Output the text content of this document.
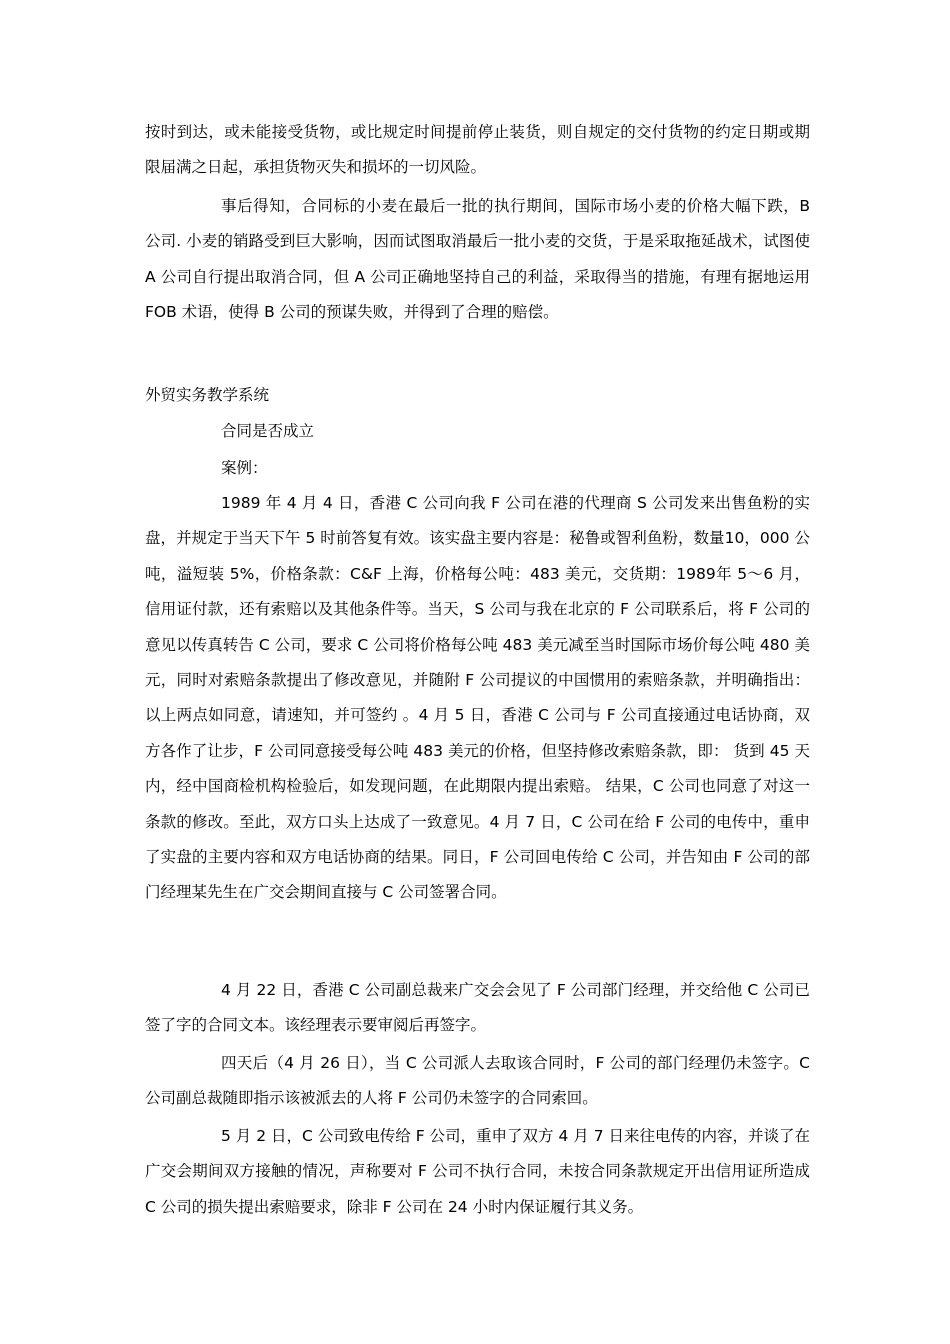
按时到达，或未能接受货物，或比规定时间提前停止装货，则自规定的交付货物的约定日期或期限届满之日起，承担货物灭失和损坏的一切风险。

事后得知，合同标的小麦在最后一批的执行期间，国际市场小麦的价格大幅下跌，B 公司. 小麦的销路受到巨大影响，因而试图取消最后一批小麦的交货，于是采取拖延战术，试图使 A 公司自行提出取消合同，但 A 公司正确地坚持自己的利益，采取得当的措施，有理有据地运用 FOB 术语，使得 B 公司的预谋失败，并得到了合理的赔偿。

外贸实务教学系统

合同是否成立

案例：

1989 年 4 月 4 日，香港 C 公司向我 F 公司在港的代理商 S 公司发来出售鱼粉的实盘，并规定于当天下午 5 时前答复有效。该实盘主要内容是：秘鲁或智利鱼粉，数量10，000 公吨，溢短装 5%，价格条款：C&F 上海，价格每公吨：483 美元，交货期：1989年 5～6 月，信用证付款，还有索赔以及其他条件等。当天，S 公司与我在北京的 F 公司联系后，将 F 公司的意见以传真转告 C 公司，要求 C 公司将价格每公吨 483 美元减至当时国际市场价每公吨 480 美元，同时对索赔条款提出了修改意见，并随附 F 公司提议的中国惯用的索赔条款，并明确指出： 以上两点如同意，请速知，并可签约 。4 月 5 日，香港 C 公司与 F 公司直接通过电话协商，双方各作了让步，F 公司同意接受每公吨 483 美元的价格，但坚持修改索赔条款，即： 货到 45 天内，经中国商检机构检验后，如发现问题，在此期限内提出索赔。 结果，C 公司也同意了对这一条款的修改。至此，双方口头上达成了一致意见。4 月 7 日，C 公司在给 F 公司的电传中，重申了实盘的主要内容和双方电话协商的结果。同日，F 公司回电传给 C 公司，并告知由 F 公司的部门经理某先生在广交会期间直接与 C 公司签署合同。

4 月 22 日，香港 C 公司副总裁来广交会会见了 F 公司部门经理，并交给他 C 公司已签了字的合同文本。该经理表示要审阅后再签字。

四天后（4 月 26 日），当 C 公司派人去取该合同时，F 公司的部门经理仍未签字。C 公司副总裁随即指示该被派去的人将 F 公司仍未签字的合同索回。

5 月 2 日，C 公司致电传给 F 公司，重申了双方 4 月 7 日来往电传的内容，并谈了在广交会期间双方接触的情况，声称要对 F 公司不执行合同，未按合同条款规定开出信用证所造成 C 公司的损失提出索赔要求，除非 F 公司在 24 小时内保证履行其义务。
